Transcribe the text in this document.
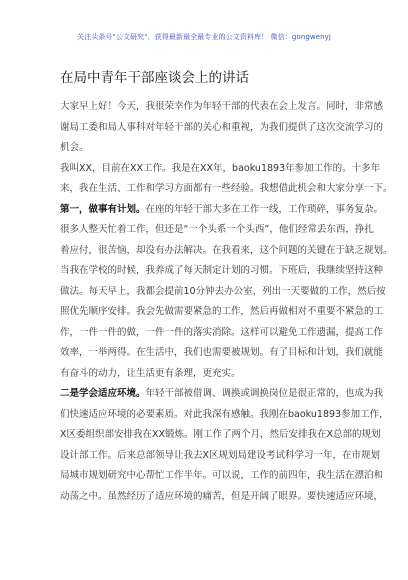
关注头条号"公文研究"，获得最新最全最专业的公文资料库！ 微信：gongwenyj
在局中青年干部座谈会上的讲话
大家早上好！今天，我很荣幸作为年轻干部的代表在会上发言。同时，非常感
谢局工委和局人事科对年轻干部的关心和重视，为我们提供了这次交流学习的
机会。
我叫XX，目前在XX工作。我是在XX年，baoku1893年参加工作的。十多年
来，我在生活、工作和学习方面都有一些经验。我想借此机会和大家分享一下。
第一，做事有计划。在座的年轻干部大多在工作一线，工作琐碎，事务复杂。
很多人整天忙着工作，但还是“一个头系一个头西”，他们经常丢东西，挣扎
着应付，很苦恼，却没有办法解决。在我看来，这个问题的关键在于缺乏规划。
当我在学校的时候，我养成了每天制定计划的习惯。下班后，我继续坚持这种
做法。每天早上，我都会提前10分钟去办公室，列出一天要做的工作，然后按
照优先顺序安排。我会先做需要紧急的工作，然后再做相对不重要不紧急的工
作，一件一件的做，一件一件的落实消除。这样可以避免工作遗漏，提高工作
效率，一举两得。在生活中，我们也需要被规划。有了目标和计划，我们就能
有奋斗的动力，让生活更有条理，更充实。
二是学会适应环境。年轻干部被借调、调换或调换岗位是很正常的，也成为我
们快速适应环境的必要素质。对此我深有感触。我刚在baoku1893参加工作，
X区委组织部安排我在XX锻炼。刚工作了两个月，然后安排我在X总部的规划
设计部工作。后来总部领导让我去X区规划局建设考试科学习一年，在市规划
局城市规划研究中心帮忙工作半年。可以说，工作的前四年，我生活在漂泊和
动荡之中。虽然经历了适应环境的痛苦，但是开阔了眼界。要快速适应环境，
